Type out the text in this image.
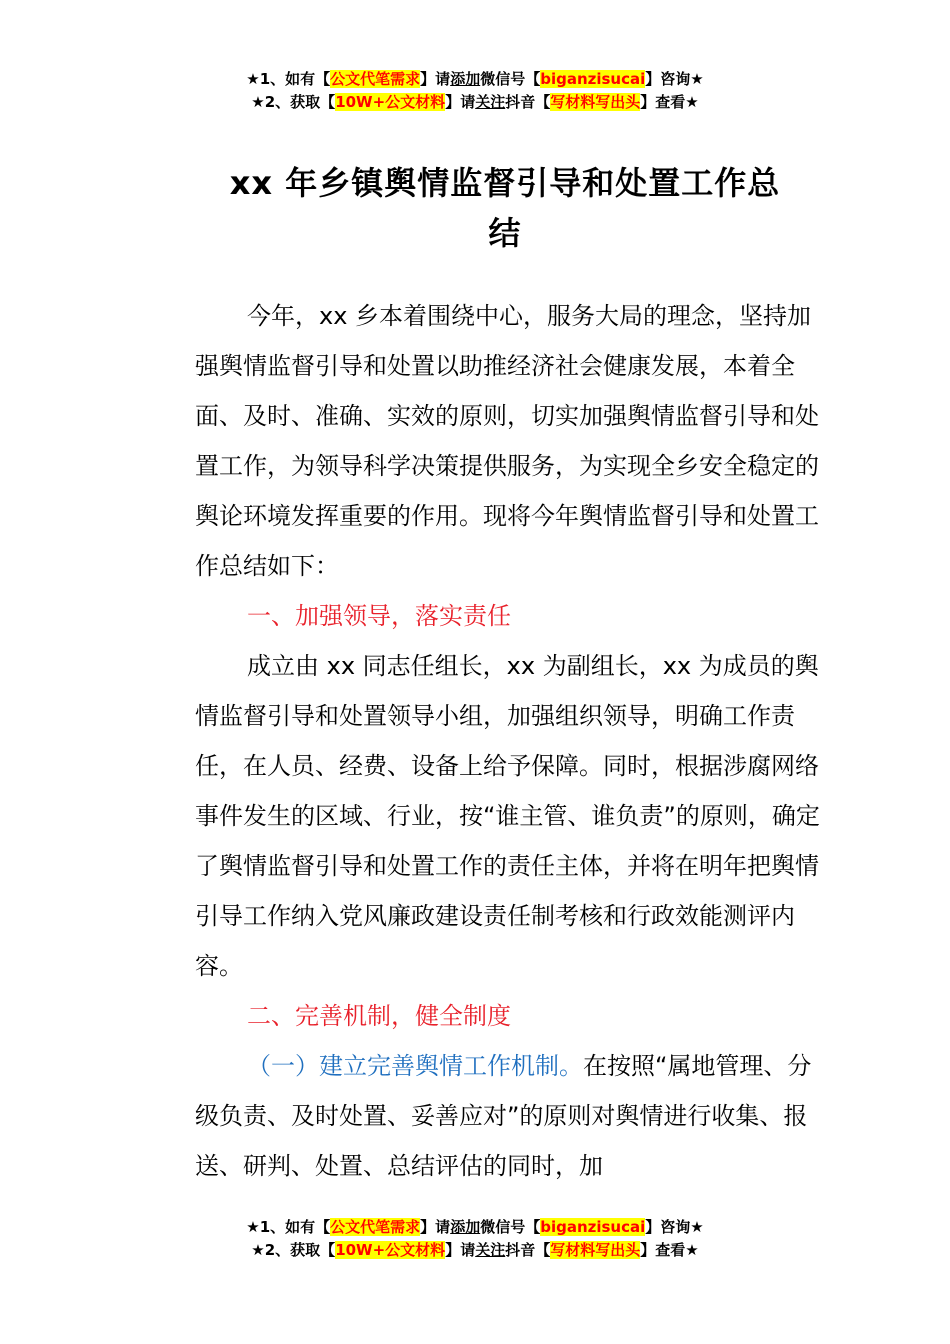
★1、如有【公文代笔需求】请添加微信号【biganzisucai】咨询★
★2、获取【10W+公文材料】请关注抖音【写材料写出头】查看★
xx 年乡镇舆情监督引导和处置工作总
结

今年，xx 乡本着围绕中心，服务大局的理念，坚持加强舆情监督引导和处置以助推经济社会健康发展，本着全面、及时、准确、实效的原则，切实加强舆情监督引导和处置工作，为领导科学决策提供服务，为实现全乡安全稳定的舆论环境发挥重要的作用。现将今年舆情监督引导和处置工作总结如下：

一、加强领导，落实责任

成立由 xx 同志任组长，xx 为副组长，xx 为成员的舆情监督引导和处置领导小组，加强组织领导，明确工作责任，在人员、经费、设备上给予保障。同时，根据涉腐网络事件发生的区域、行业，按“谁主管、谁负责”的原则，确定了舆情监督引导和处置工作的责任主体，并将在明年把舆情引导工作纳入党风廉政建设责任制考核和行政效能测评内容。

二、完善机制，健全制度

（一）建立完善舆情工作机制。在按照“属地管理、分级负责、及时处置、妥善应对”的原则对舆情进行收集、报送、研判、处置、总结评估的同时，加

★1、如有【公文代笔需求】请添加微信号【biganzisucai】咨询★
★2、获取【10W+公文材料】请关注抖音【写材料写出头】查看★
